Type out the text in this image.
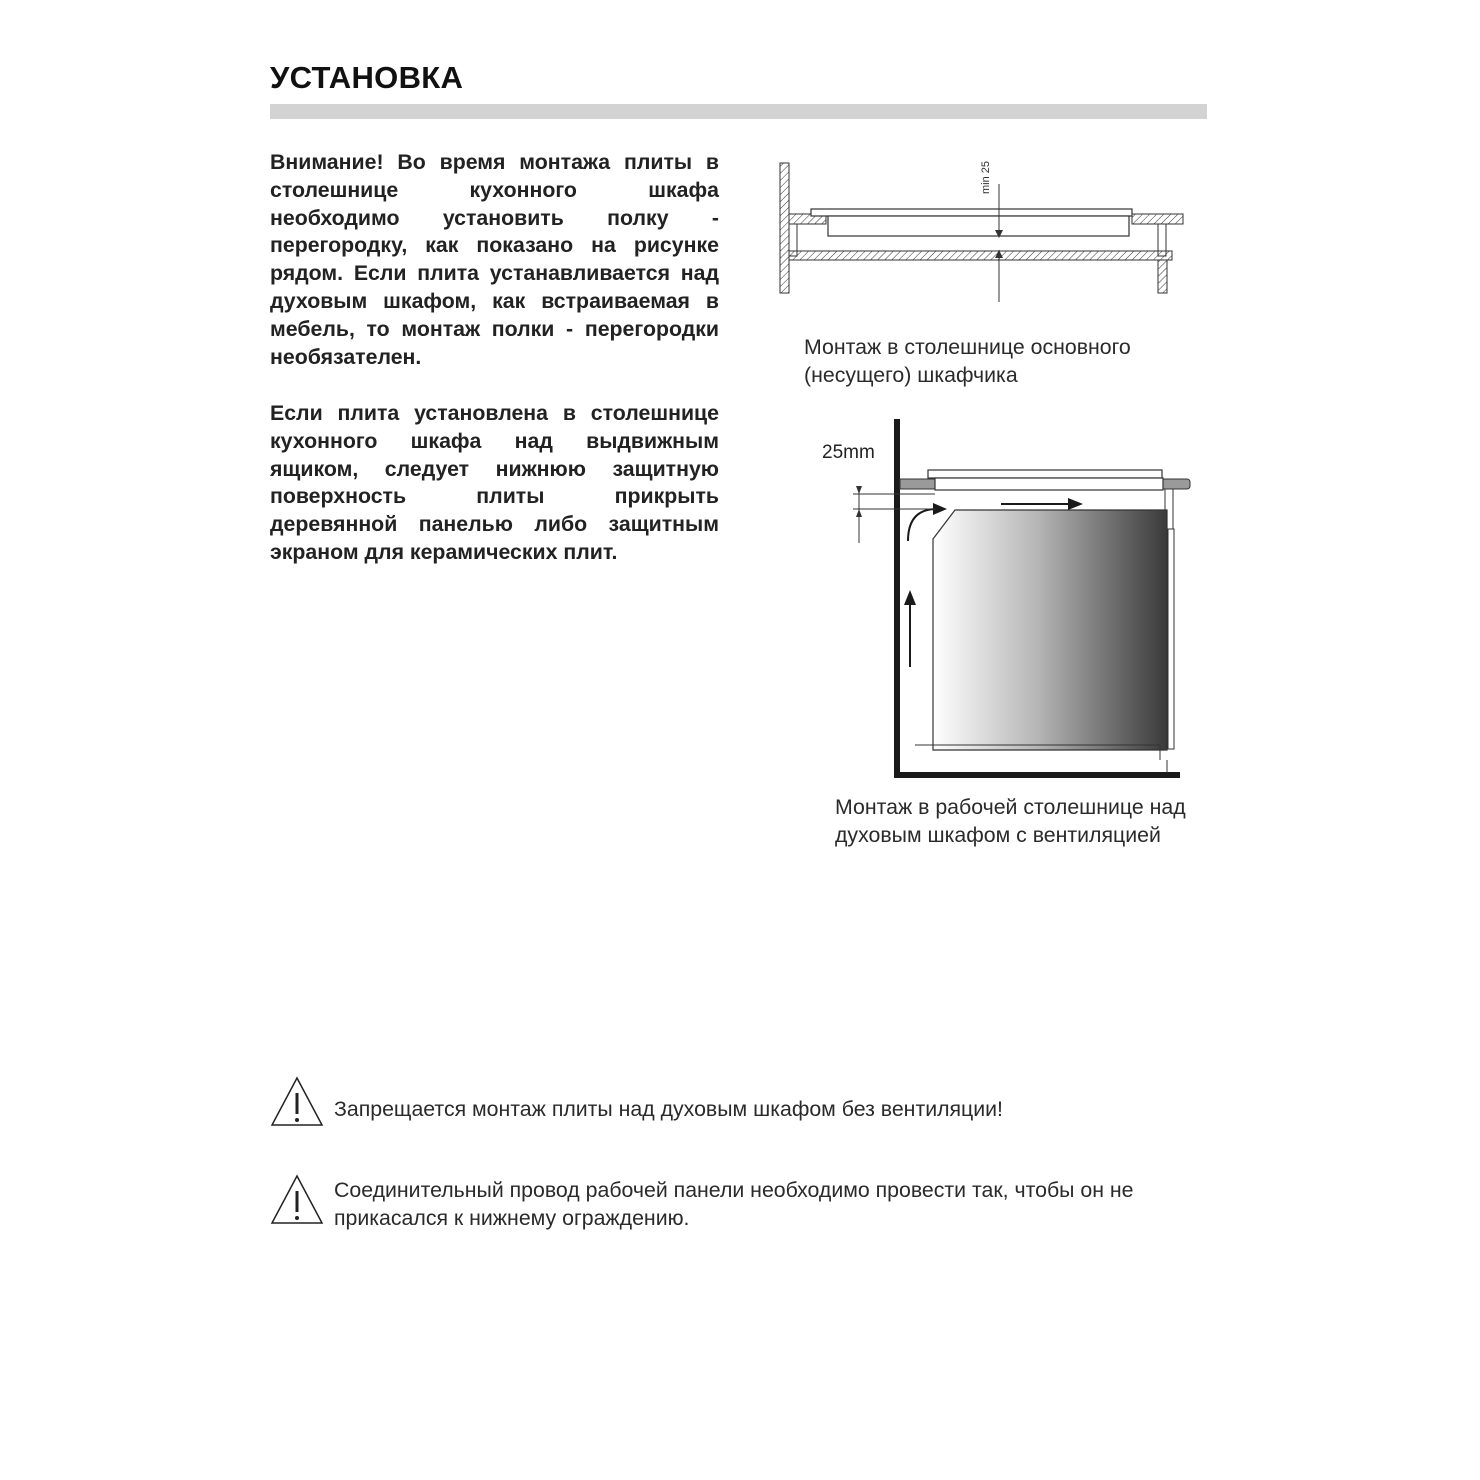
УСТАНОВКА

Внимание! Во время монтажа плиты в столешнице кухонного шкафа необходимо установить полку - перегородку, как показано на рисунке рядом. Если плита устанавливается над духовым шкафом, как встраиваемая в мебель, то монтаж полки - перегородки необязателен.

Если плита установлена в столешнице кухонного шкафа над выдвижным ящиком, следует нижнюю защитную поверхность плиты прикрыть деревянной панелью либо защитным экраном для керамических плит.

min 25

Монтаж в столешнице основного (несущего) шкафчика

25mm

Монтаж в рабочей столешнице над духовым шкафом с вентиляцией

Запрещается монтаж плиты над духовым шкафом без вентиляции!

Соединительный провод рабочей панели необходимо провести так, чтобы он не прикасался к нижнему ограждению.
